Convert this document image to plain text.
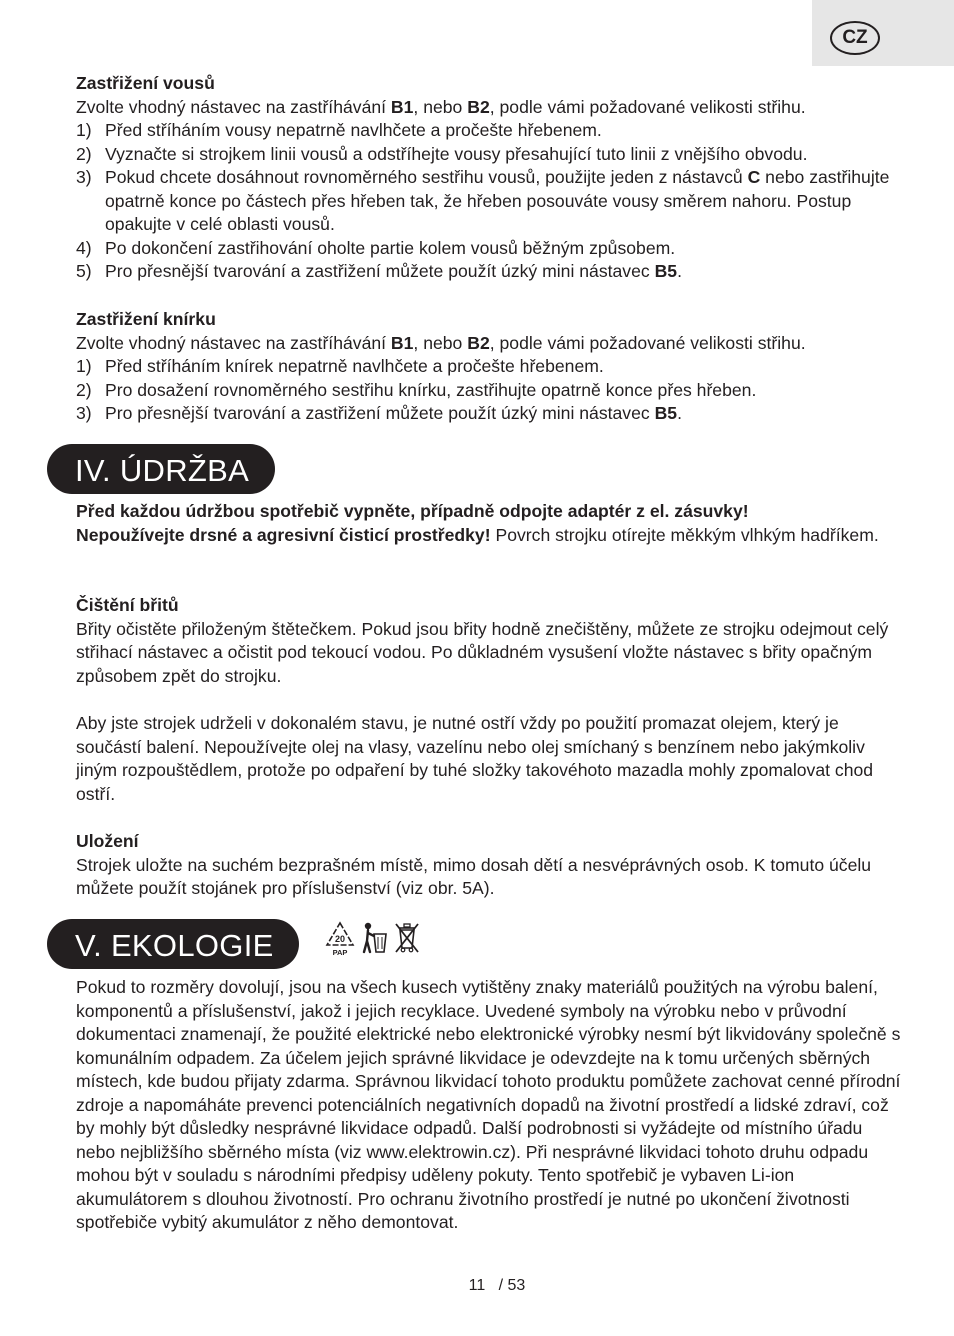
CZ

Zastřižení vousů

Zvolte vhodný nástavec na zastříhávání B1, nebo B2, podle vámi požadované velikosti střihu.

1) Před stříháním vousy nepatrně navlhčete a pročešte hřebenem.
2) Vyznačte si strojkem linii vousů a odstříhejte vousy přesahující tuto linii z vnějšího obvodu.
3) Pokud chcete dosáhnout rovnoměrného sestřihu vousů, použijte jeden z nástavců C nebo zastřihujte opatrně konce po částech přes hřeben tak, že hřeben posouváte vousy směrem nahoru. Postup opakujte v celé oblasti vousů.
4) Po dokončení zastřihování oholte partie kolem vousů běžným způsobem.
5) Pro přesnější tvarování a zastřižení můžete použít úzký mini nástavec B5.

Zastřižení knírku

Zvolte vhodný nástavec na zastříhávání B1, nebo B2, podle vámi požadované velikosti střihu.

1) Před stříháním knírek nepatrně navlhčete a pročešte hřebenem.
2) Pro dosažení rovnoměrného sestřihu knírku, zastřihujte opatrně konce přes hřeben.
3) Pro přesnější tvarování a zastřižení můžete použít úzký mini nástavec B5.
IV. ÚDRŽBA

Před každou údržbou spotřebič vypněte, případně odpojte adaptér z el. zásuvky!

Nepoužívejte drsné a agresivní čisticí prostředky! Povrch strojku otírejte měkkým vlhkým hadříkem.

Čištění břitů

Břity očistěte přiloženým štětečkem. Pokud jsou břity hodně znečištěny, můžete ze strojku odejmout celý střihací nástavec a očistit pod tekoucí vodou. Po důkladném vysušení vložte nástavec s břity opačným způsobem zpět do strojku.

Aby jste strojek udrželi v dokonalém stavu, je nutné ostří vždy po použití promazat olejem, který je součástí balení. Nepoužívejte olej na vlasy, vazelínu nebo olej smíchaný s benzínem nebo jakýmkoliv jiným rozpouštědlem, protože po odpaření by tuhé složky takovéhoto mazadla mohly zpomalovat chod ostří.

Uložení

Strojek uložte na suchém bezprašném místě, mimo dosah dětí a nesvéprávných osob. K tomuto účelu můžete použít stojánek pro příslušenství (viz obr. 5A).

V. EKOLOGIE	20
PAP

Pokud to rozměry dovolují, jsou na všech kusech vytištěny znaky materiálů použitých na výrobu balení, komponentů a příslušenství, jakož i jejich recyklace. Uvedené symboly na výrobku nebo v průvodní dokumentaci znamenají, že použité elektrické nebo elektronické výrobky nesmí být likvidovány společně s komunálním odpadem. Za účelem jejich správné likvidace je odevzdejte na k tomu určených sběrných místech, kde budou přijaty zdarma. Správnou likvidací tohoto produktu pomůžete zachovat cenné přírodní zdroje a napomáháte prevenci potenciálních negativních dopadů na životní prostředí a lidské zdraví, což by mohly být důsledky nesprávné likvidace odpadů. Další podrobnosti si vyžádejte od místního úřadu nebo nejbližšího sběrného místa (viz www.elektrowin.cz). Při nesprávné likvidaci tohoto druhu odpadu mohou být v souladu s národními předpisy uděleny pokuty. Tento spotřebič je vybaven Li-ion akumulátorem s dlouhou životností. Pro ochranu životního prostředí je nutné po ukončení životnosti spotřebiče vybitý akumulátor z něho demontovat.

11   / 53
